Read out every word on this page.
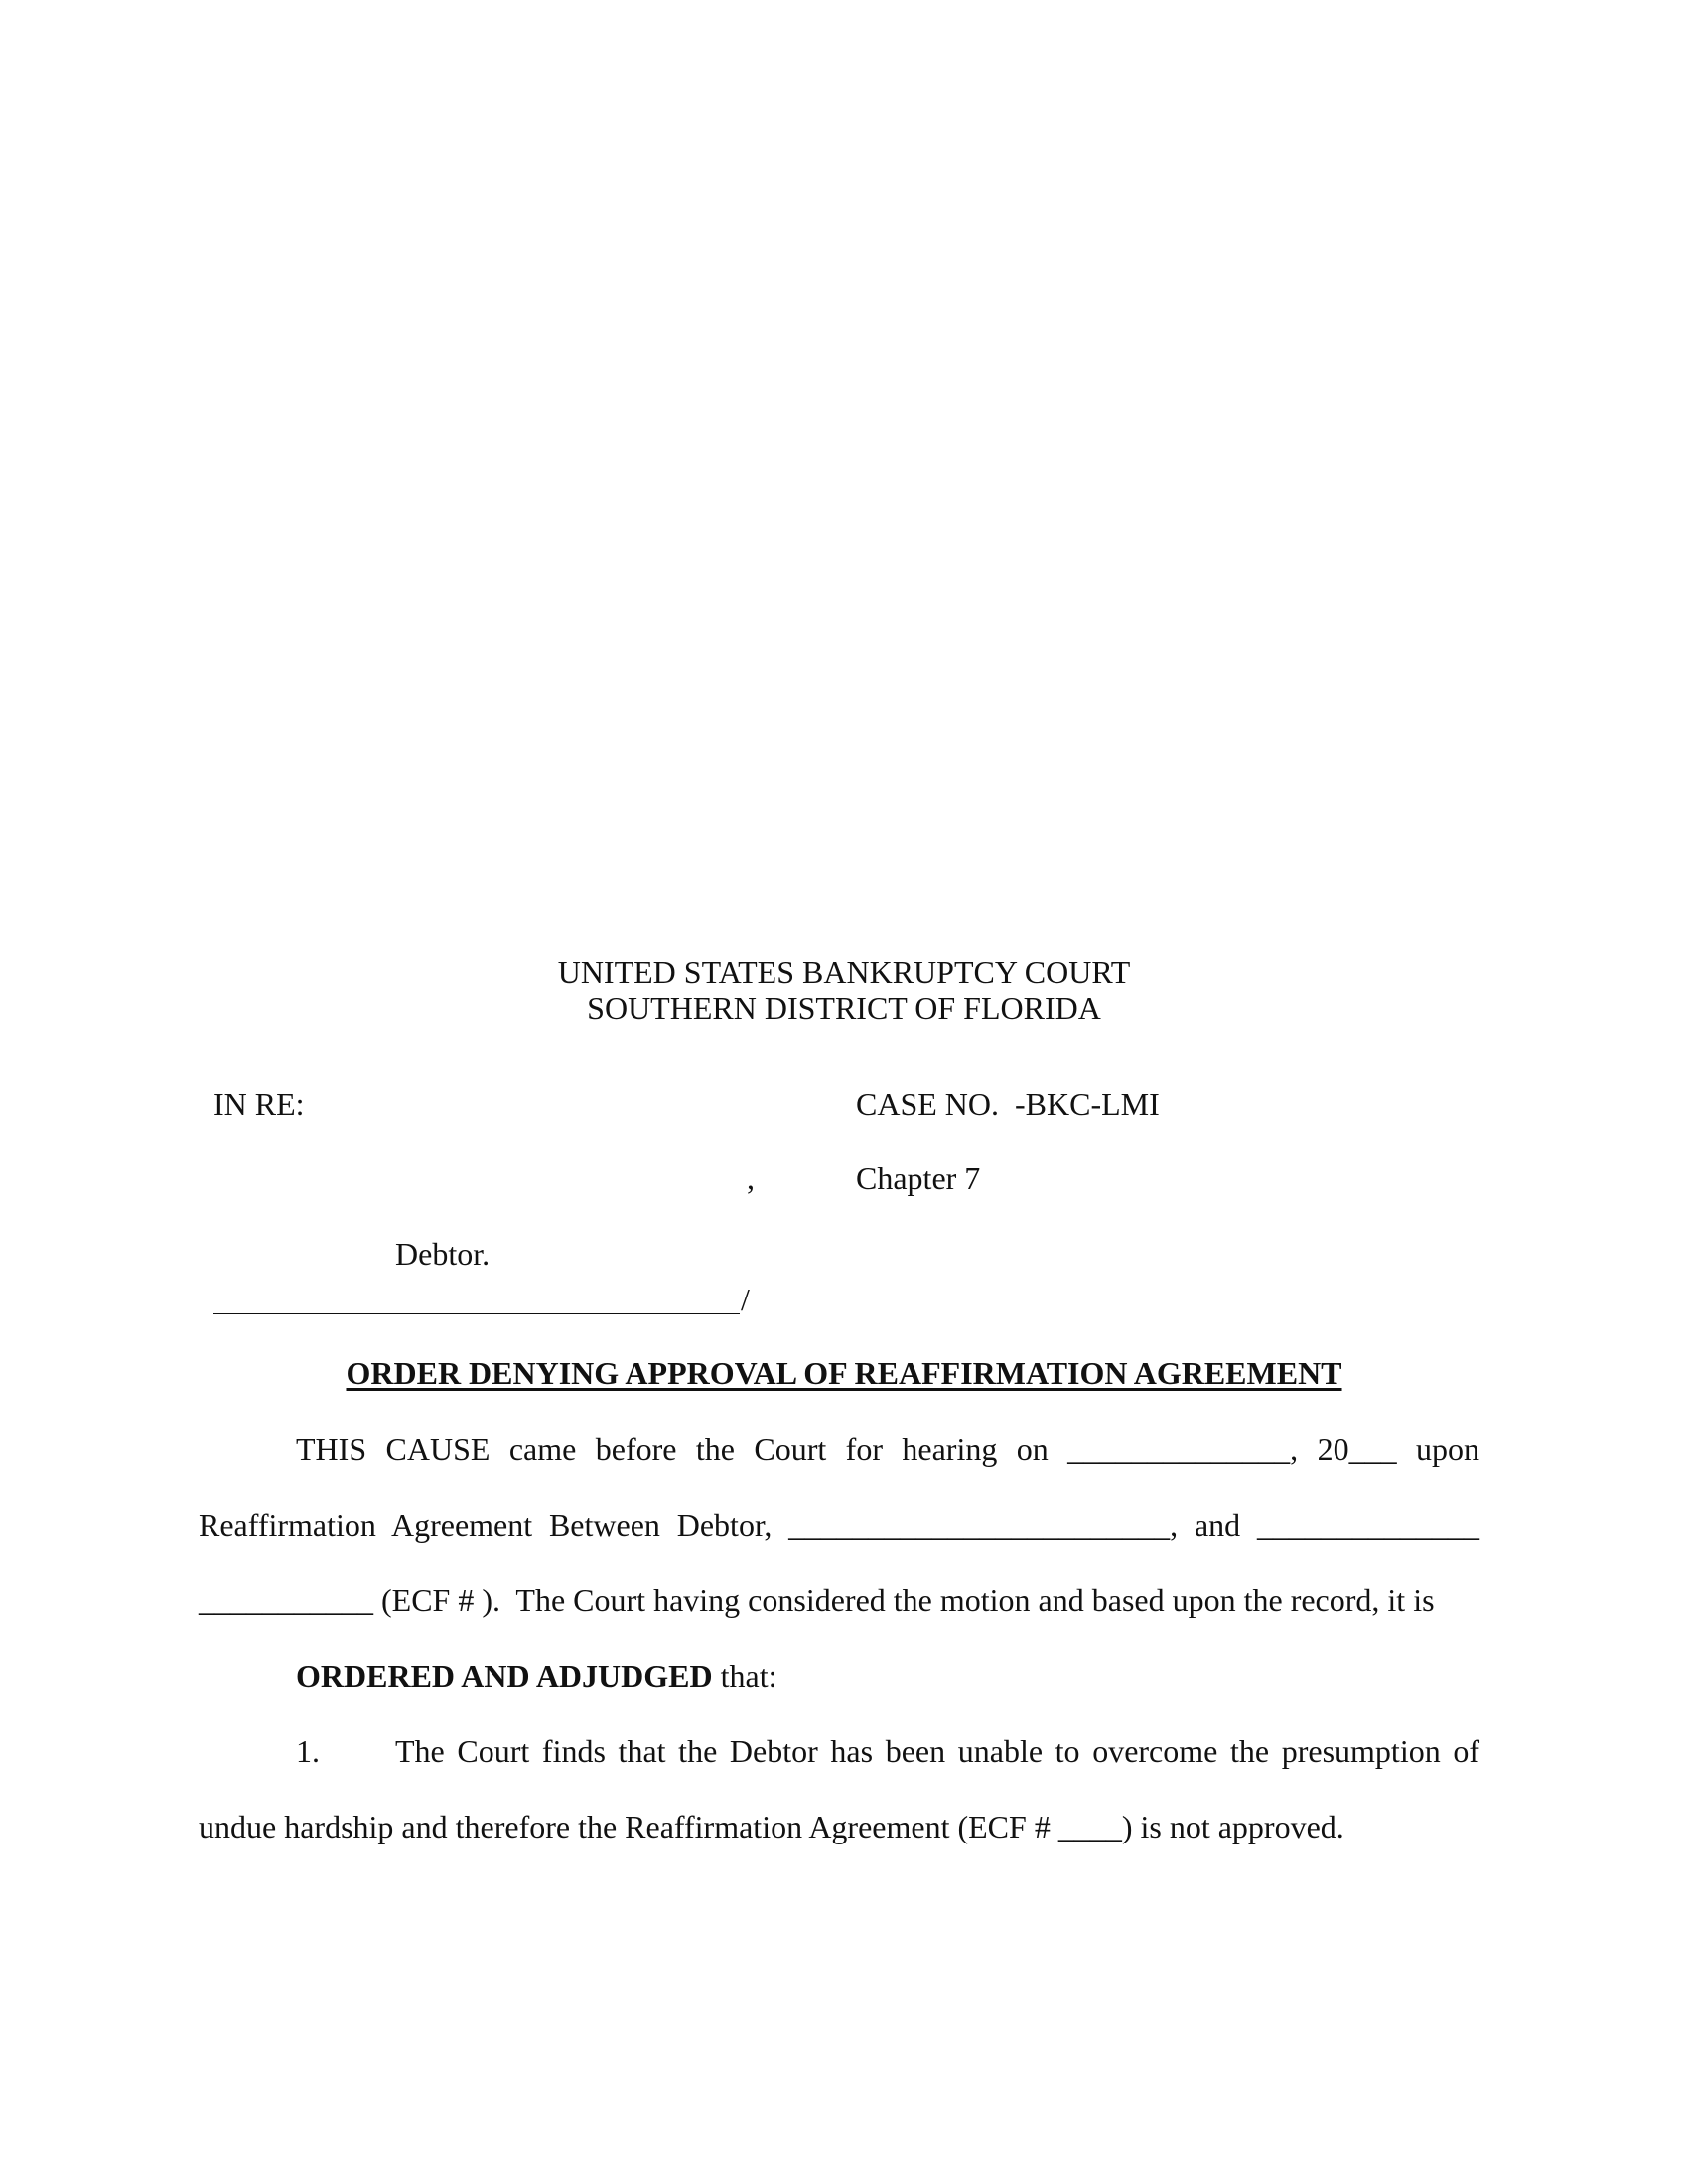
UNITED STATES BANKRUPTCY COURT

SOUTHERN DISTRICT OF FLORIDA

IN RE:	CASE NO.  -BKC-LMI

,	Chapter 7

Debtor.

/

ORDER DENYING APPROVAL OF REAFFIRMATION AGREEMENT

THIS CAUSE came before the Court for hearing on ______________, 20___ upon

Reaffirmation Agreement Between Debtor, ________________________, and ______________

___________ (ECF # ).  The Court having considered the motion and based upon the record, it is

ORDERED AND ADJUDGED that:

1. The Court finds that the Debtor has been unable to overcome the presumption of

undue hardship and therefore the Reaffirmation Agreement (ECF # ____) is not approved.
